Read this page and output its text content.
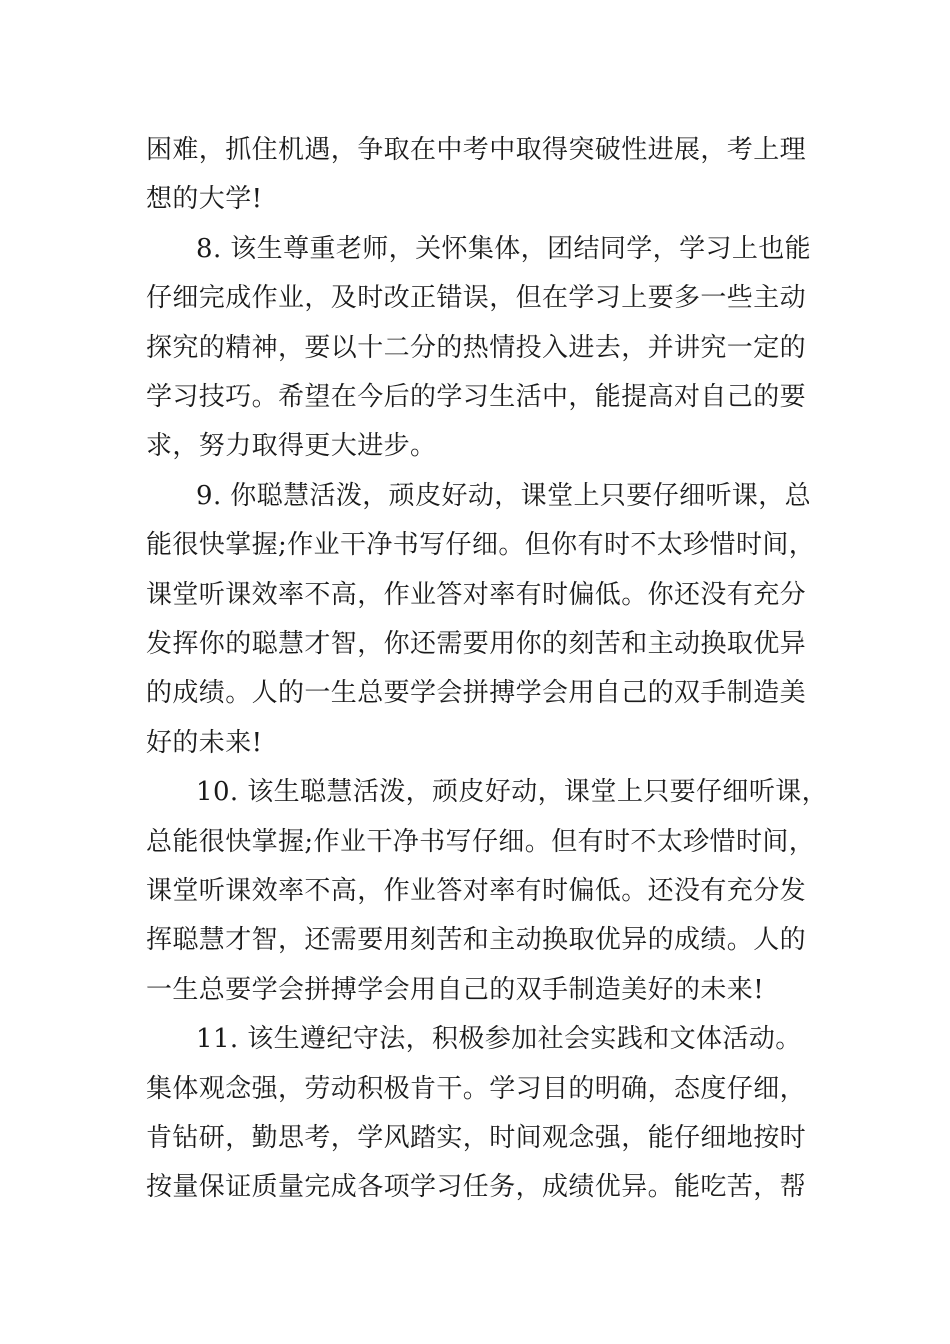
困难，抓住机遇，争取在中考中取得突破性进展，考上理
想的大学!
8. 该生尊重老师，关怀集体，团结同学，学习上也能
仔细完成作业，及时改正错误，但在学习上要多一些主动
探究的精神，要以十二分的热情投入进去，并讲究一定的
学习技巧。希望在今后的学习生活中，能提高对自己的要
求，努力取得更大进步。
9. 你聪慧活泼，顽皮好动，课堂上只要仔细听课，总
能很快掌握;作业干净书写仔细。但你有时不太珍惜时间，
课堂听课效率不高，作业答对率有时偏低。你还没有充分
发挥你的聪慧才智，你还需要用你的刻苦和主动换取优异
的成绩。人的一生总要学会拼搏学会用自己的双手制造美
好的未来!
10. 该生聪慧活泼，顽皮好动，课堂上只要仔细听课，
总能很快掌握;作业干净书写仔细。但有时不太珍惜时间，
课堂听课效率不高，作业答对率有时偏低。还没有充分发
挥聪慧才智，还需要用刻苦和主动换取优异的成绩。人的
一生总要学会拼搏学会用自己的双手制造美好的未来!
11. 该生遵纪守法，积极参加社会实践和文体活动。
集体观念强，劳动积极肯干。学习目的明确，态度仔细，
肯钻研，勤思考，学风踏实，时间观念强，能仔细地按时
按量保证质量完成各项学习任务，成绩优异。能吃苦，帮
